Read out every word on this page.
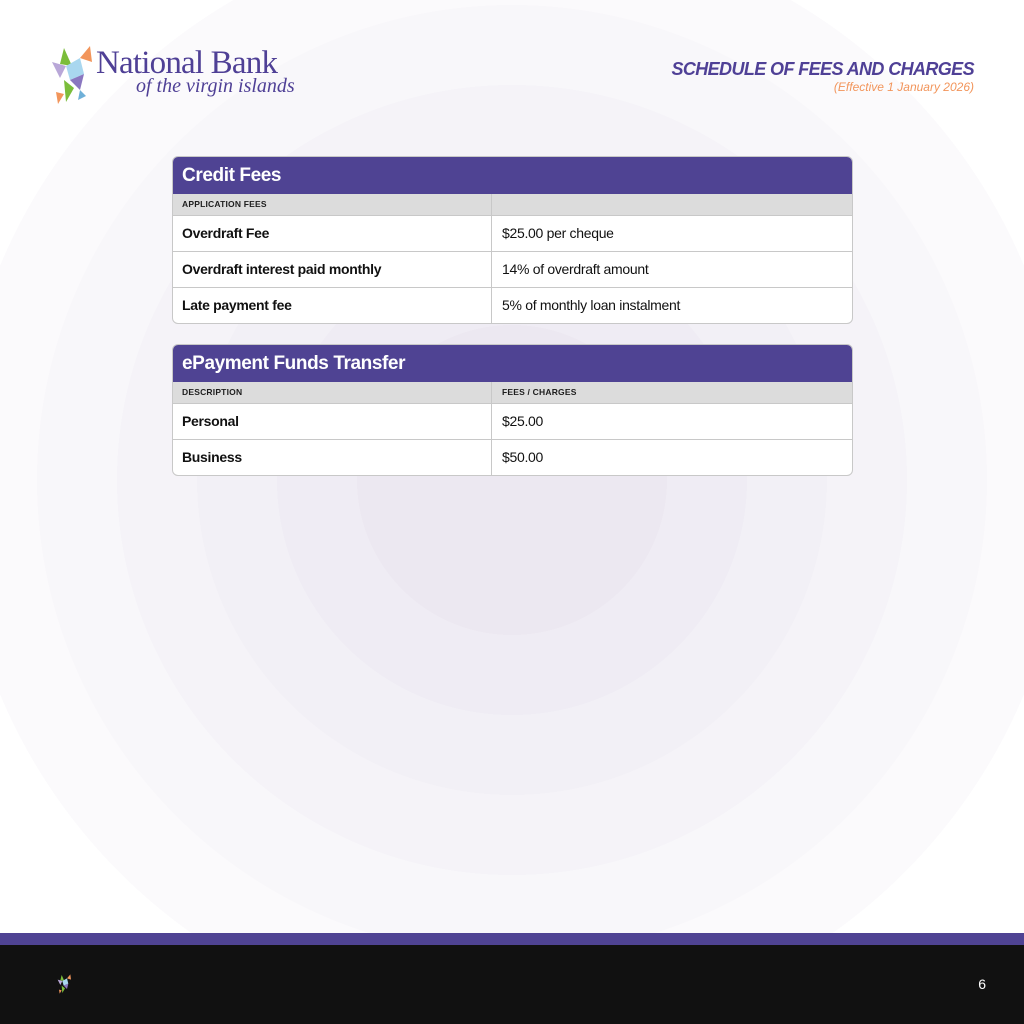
National Bank
of the virgin islands
SCHEDULE OF FEES AND CHARGES
(Effective 1 January 2026)
Credit Fees
APPLICATION FEES
Overdraft Fee	$25.00 per cheque
Overdraft interest paid monthly	14% of overdraft amount
Late payment fee	5% of monthly loan instalment
ePayment Funds Transfer
DESCRIPTION	FEES / CHARGES
Personal	$25.00
Business	$50.00
6
